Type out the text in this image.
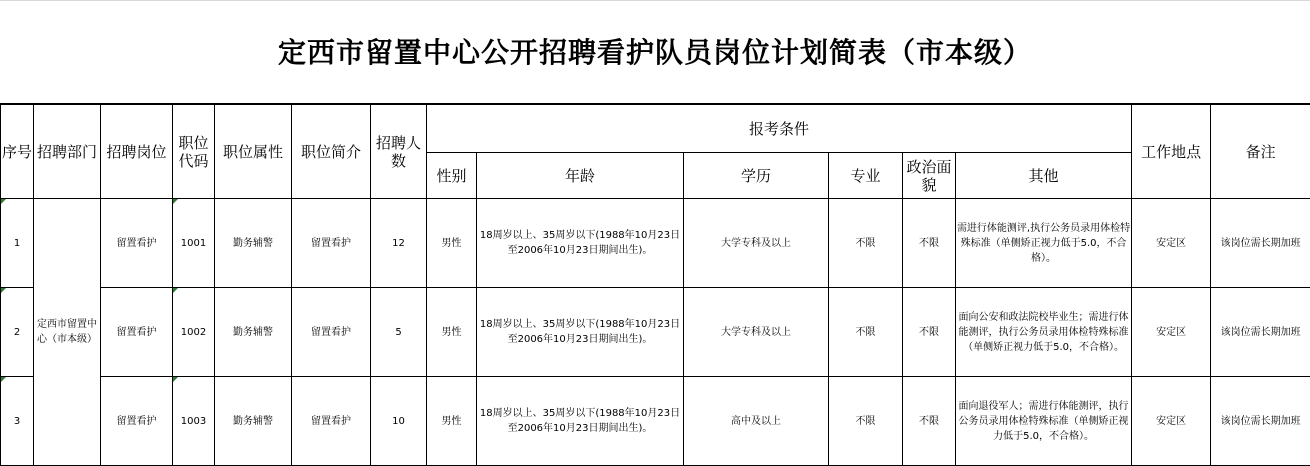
定西市留置中心公开招聘看护队员岗位计划简表（市本级）
序号	招聘部门	招聘岗位	职位代码	职位属性	职位简介	招聘人数	报考条件						工作地点	备注
							性别	年龄	学历	专业	政治面貌	其他		
1	定西市留置中心（市本级）	留置看护	1001	勤务辅警	留置看护	12	男性	18周岁以上、35周岁以下(1988年10月23日至2006年10月23日期间出生)。	大学专科及以上	不限	不限	需进行体能测评,执行公务员录用体检特殊标准（单侧矫正视力低于5.0，不合格）。	安定区	该岗位需长期加班
2		留置看护	1002	勤务辅警	留置看护	5	男性	18周岁以上、35周岁以下(1988年10月23日至2006年10月23日期间出生)。	大学专科及以上	不限	不限	面向公安和政法院校毕业生；需进行体能测评，执行公务员录用体检特殊标准（单侧矫正视力低于5.0，不合格）。	安定区	该岗位需长期加班
3		留置看护	1003	勤务辅警	留置看护	10	男性	18周岁以上、35周岁以下(1988年10月23日至2006年10月23日期间出生)。	高中及以上	不限	不限	面向退役军人；需进行体能测评，执行公务员录用体检特殊标准（单侧矫正视力低于5.0，不合格）。	安定区	该岗位需长期加班
